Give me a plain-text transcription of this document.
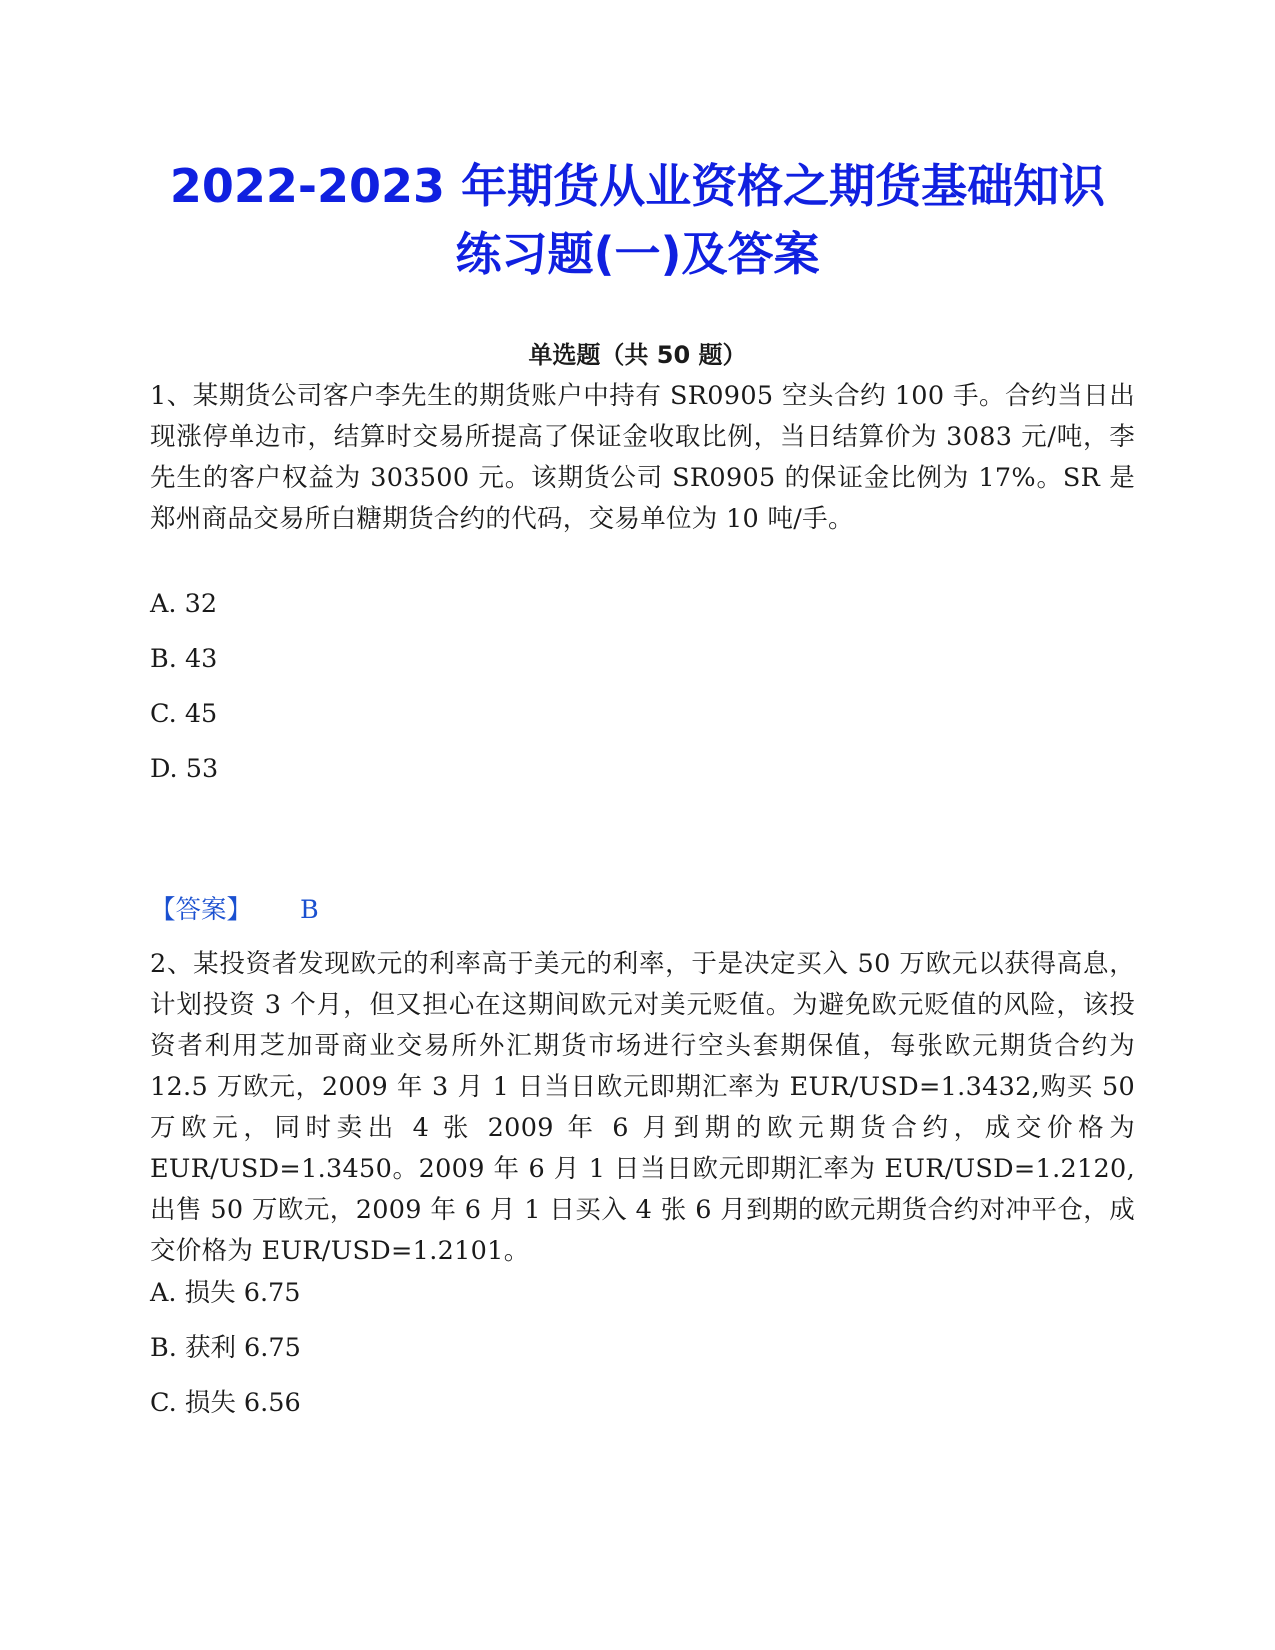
2022-2023 年期货从业资格之期货基础知识
练习题(一)及答案
单选题（共 50 题）
1、某期货公司客户李先生的期货账户中持有 SR0905 空头合约 100 手。合约当日出现涨停单边市，结算时交易所提高了保证金收取比例，当日结算价为 3083 元/吨，李先生的客户权益为 303500 元。该期货公司 SR0905 的保证金比例为 17%。SR 是郑州商品交易所白糖期货合约的代码，交易单位为 10 吨/手。
A. 32
B. 43
C. 45
D. 53
【答案】 B
2、某投资者发现欧元的利率高于美元的利率，于是决定买入 50 万欧元以获得高息，计划投资 3 个月，但又担心在这期间欧元对美元贬值。为避免欧元贬值的风险，该投资者利用芝加哥商业交易所外汇期货市场进行空头套期保值，每张欧元期货合约为 12.5 万欧元，2009 年 3 月 1 日当日欧元即期汇率为 EUR/USD=1.3432,购买 50 万欧元，同时卖出 4 张 2009 年 6 月到期的欧元期货合约，成交价格为 EUR/USD=1.3450。2009 年 6 月 1 日当日欧元即期汇率为 EUR/USD=1.2120,出售 50 万欧元，2009 年 6 月 1 日买入 4 张 6 月到期的欧元期货合约对冲平仓，成交价格为 EUR/USD=1.2101。
A. 损失 6.75
B. 获利 6.75
C. 损失 6.56
